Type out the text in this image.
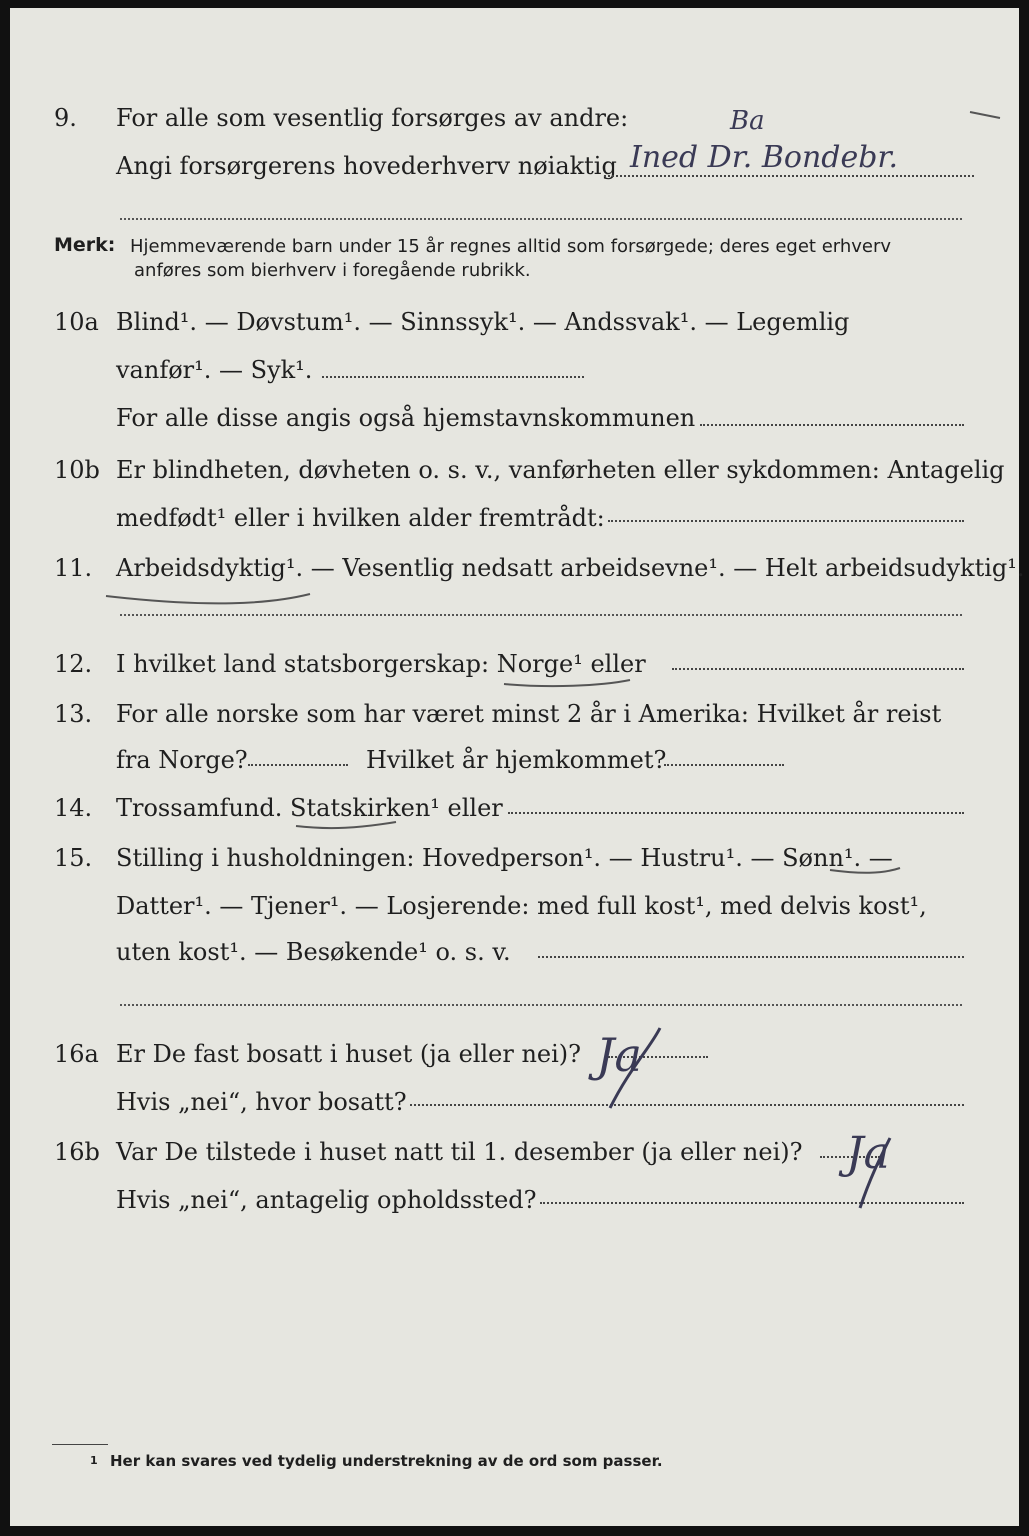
9. For alle som vesentlig forsørges av andre:
Angi forsørgerens hovederhverv nøiaktig
Ba
Ined Dr. Bondebr.
Merk: Hjemmeværende barn under 15 år regnes alltid som forsørgede; deres eget erhverv
anføres som bierhverv i foregående rubrikk.
10a Blind¹. — Døvstum¹. — Sinnssyk¹. — Andssvak¹. — Legemlig
vanfør¹. — Syk¹.
For alle disse angis også hjemstavnskommunen
10b Er blindheten, døvheten o. s. v., vanførheten eller sykdommen: Antagelig
medfødt¹ eller i hvilken alder fremtrådt:
11. Arbeidsdyktig¹. — Vesentlig nedsatt arbeidsevne¹. — Helt arbeidsudyktig¹.
12. I hvilket land statsborgerskap: Norge¹ eller
13. For alle norske som har været minst 2 år i Amerika: Hvilket år reist
fra Norge?	Hvilket år hjemkommet?
14. Trossamfund. Statskirken¹ eller
15. Stilling i husholdningen: Hovedperson¹. — Hustru¹. — Sønn¹. —
Datter¹. — Tjener¹. — Losjerende: med full kost¹, med delvis kost¹,
uten kost¹. — Besøkende¹ o. s. v.
16a Er De fast bosatt i huset (ja eller nei)?
Hvis „nei“, hvor bosatt?
Ja
16b Var De tilstede i huset natt til 1. desember (ja eller nei)?
Hvis „nei“, antagelig opholdssted?
Ja
1 Her kan svares ved tydelig understrekning av de ord som passer.
